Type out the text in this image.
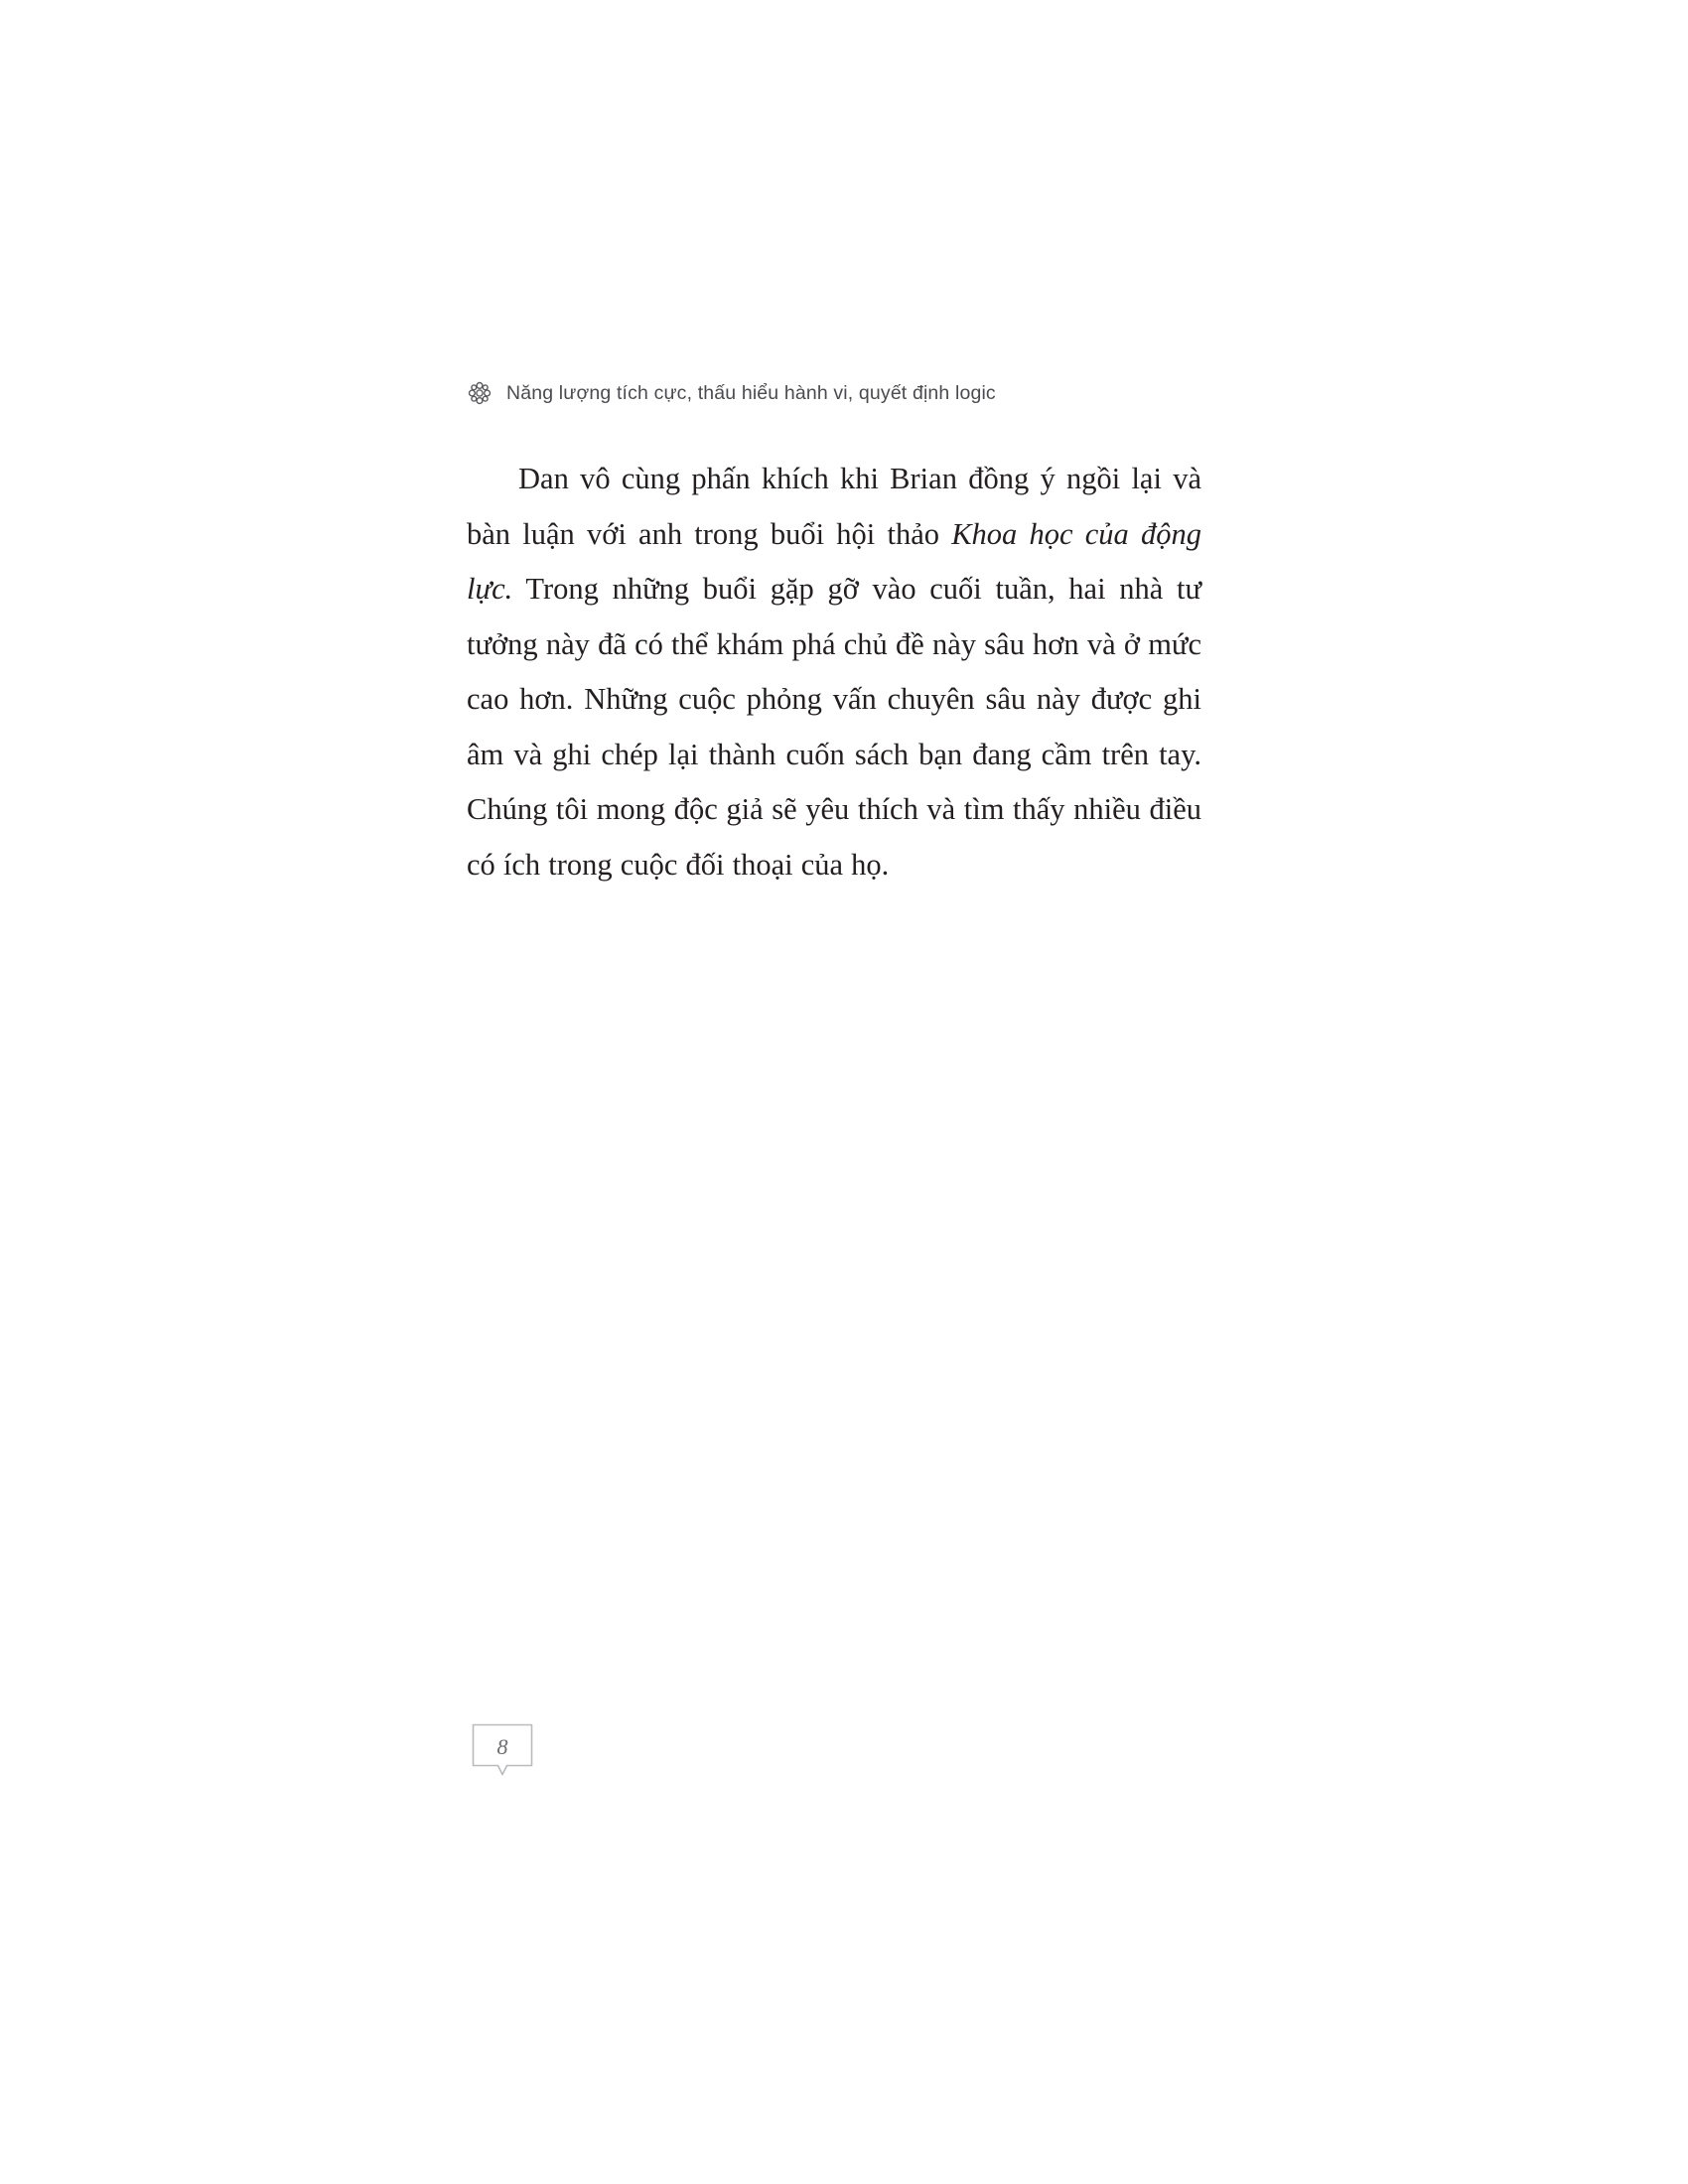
Năng lượng tích cực, thấu hiểu hành vi, quyết định logic

Dan vô cùng phấn khích khi Brian đồng ý ngồi lại và bàn luận với anh trong buổi hội thảo Khoa học của động lực. Trong những buổi gặp gỡ vào cuối tuần, hai nhà tư tưởng này đã có thể khám phá chủ đề này sâu hơn và ở mức cao hơn. Những cuộc phỏng vấn chuyên sâu này được ghi âm và ghi chép lại thành cuốn sách bạn đang cầm trên tay. Chúng tôi mong độc giả sẽ yêu thích và tìm thấy nhiều điều có ích trong cuộc đối thoại của họ.

8
